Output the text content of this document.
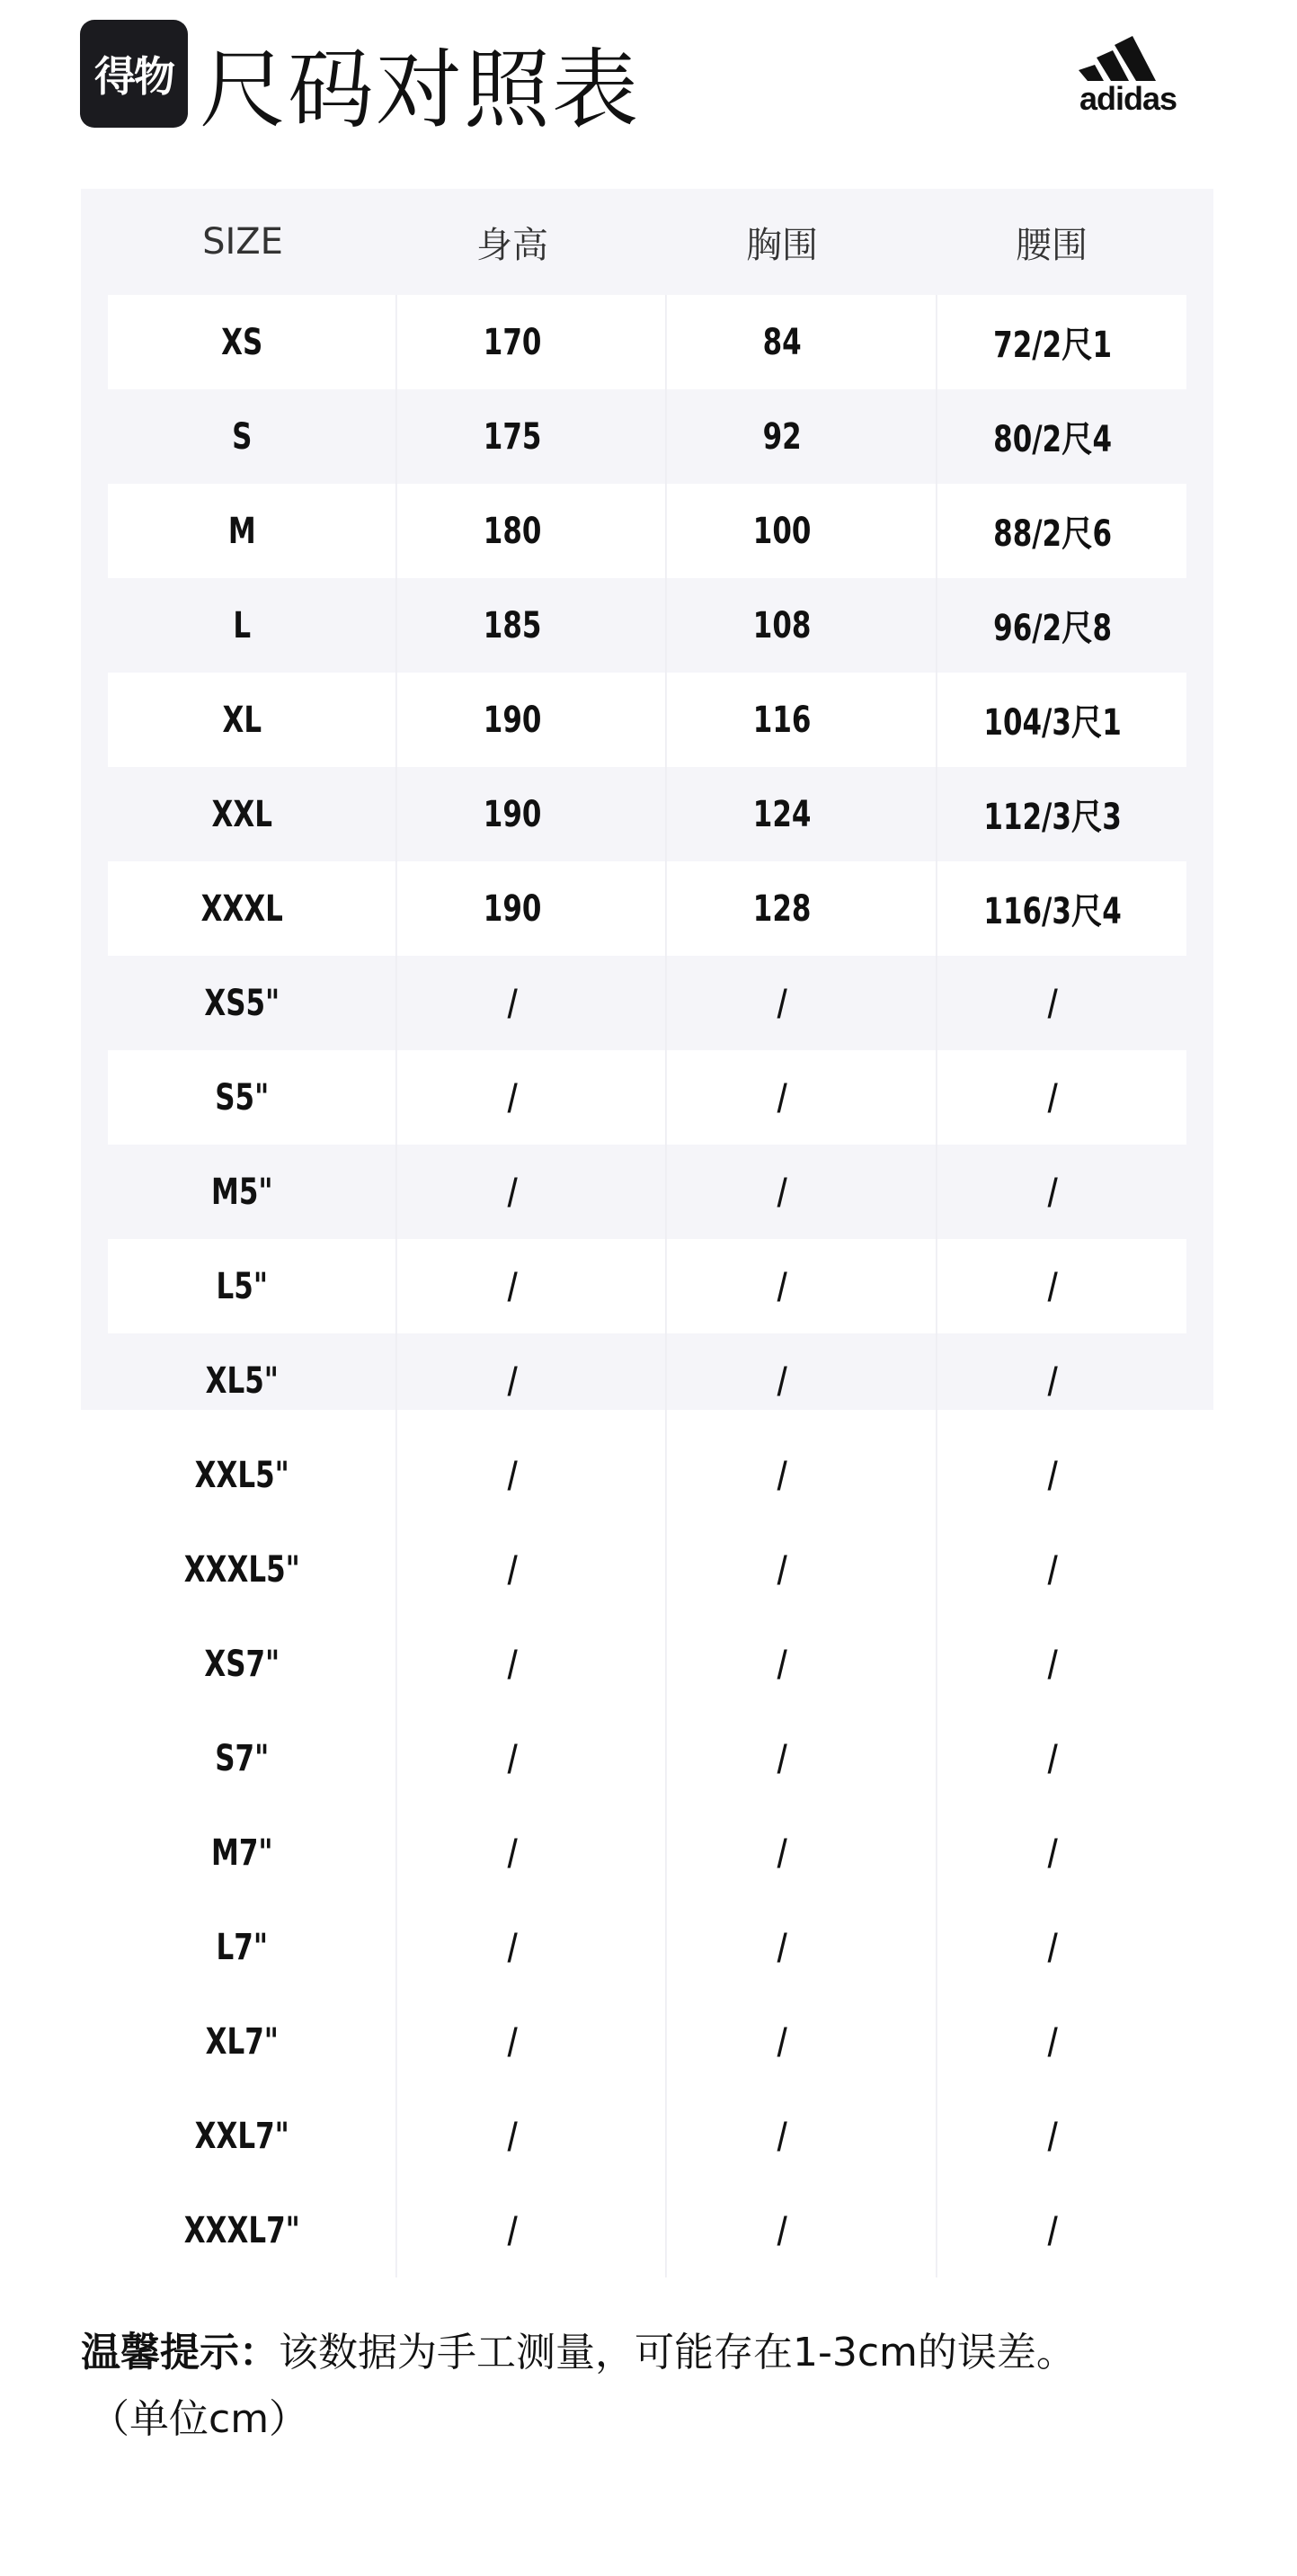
得物 尺码对照表	adidas
SIZE	身高	胸围	腰围
XS	170	84	72/2尺1
S	175	92	80/2尺4
M	180	100	88/2尺6
L	185	108	96/2尺8
XL	190	116	104/3尺1
XXL	190	124	112/3尺3
XXXL	190	128	116/3尺4
XS5"	/	/	/
S5"	/	/	/
M5"	/	/	/
L5"	/	/	/
XL5"	/	/	/
XXL5"	/	/	/
XXXL5"	/	/	/
XS7"	/	/	/
S7"	/	/	/
M7"	/	/	/
L7"	/	/	/
XL7"	/	/	/
XXL7"	/	/	/
XXXL7"	/	/	/
温馨提示：该数据为手工测量，可能存在1-3cm的误差。
（单位cm）
